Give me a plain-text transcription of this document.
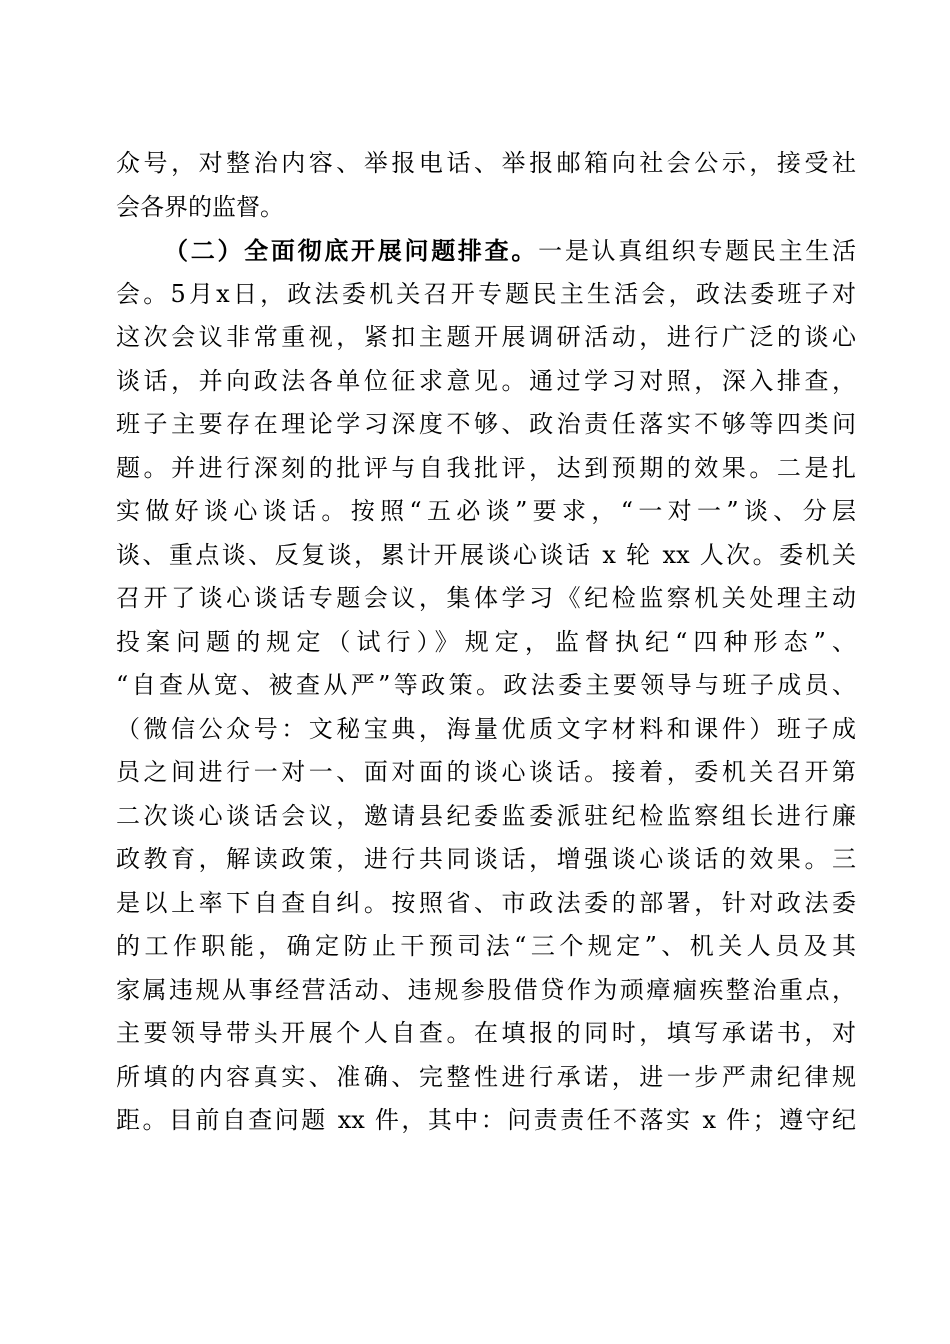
众号，对整治内容、举报电话、举报邮箱向社会公示，接受社
会各界的监督。
（二）全面彻底开展问题排查。一是认真组织专题民主生活
会。5月x日，政法委机关召开专题民主生活会，政法委班子对
这次会议非常重视，紧扣主题开展调研活动，进行广泛的谈心
谈话，并向政法各单位征求意见。通过学习对照，深入排查，
班子主要存在理论学习深度不够、政治责任落实不够等四类问
题。并进行深刻的批评与自我批评，达到预期的效果。二是扎
实做好谈心谈话。按照“五必谈”要求，“一对一”谈、分层
谈、重点谈、反复谈，累计开展谈心谈话 x 轮 xx 人次。委机关
召开了谈心谈话专题会议，集体学习《纪检监察机关处理主动
投案问题的规定（试行）》规定，监督执纪“四种形态”、
“自查从宽、被查从严”等政策。政法委主要领导与班子成员、
（微信公众号：文秘宝典，海量优质文字材料和课件）班子成
员之间进行一对一、面对面的谈心谈话。接着，委机关召开第
二次谈心谈话会议，邀请县纪委监委派驻纪检监察组长进行廉
政教育，解读政策，进行共同谈话，增强谈心谈话的效果。三
是以上率下自查自纠。按照省、市政法委的部署，针对政法委
的工作职能，确定防止干预司法“三个规定”、机关人员及其
家属违规从事经营活动、违规参股借贷作为顽瘴痼疾整治重点，
主要领导带头开展个人自查。在填报的同时，填写承诺书，对
所填的内容真实、准确、完整性进行承诺，进一步严肃纪律规
距。目前自查问题 xx 件，其中：问责责任不落实 x 件；遵守纪
